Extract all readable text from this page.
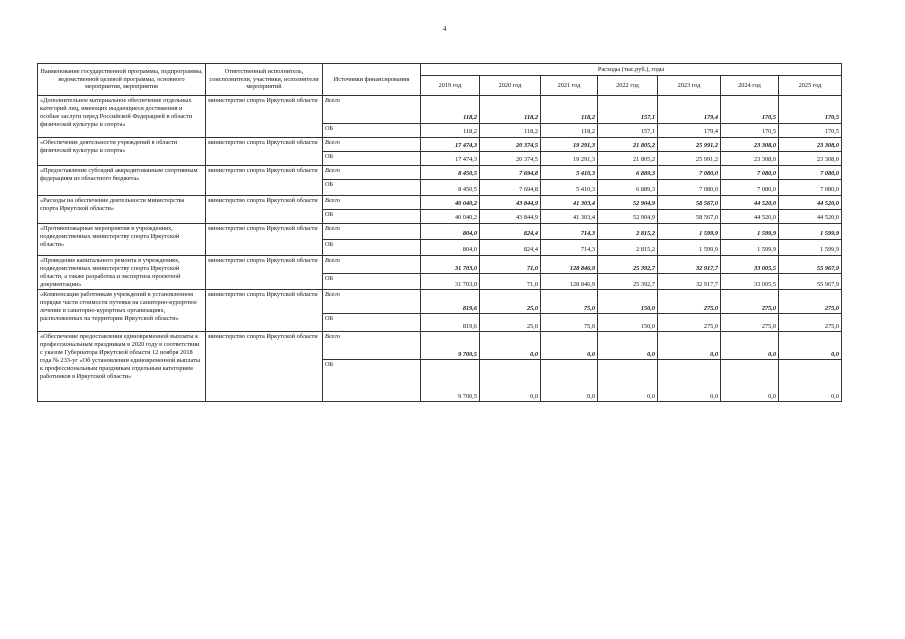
4
Наименование государственной программы, подпрограммы, ведомственной целевой программы, основного мероприятия, мероприятия	Ответственный исполнитель, соисполнители, участники, исполнители мероприятий	Источники финансирования	Расходы (тыс.руб.), годы						
			2019 год	2020 год	2021 год	2022 год	2023 год	2024 год	2025 год
«Дополнительное материальное обеспечение отдельных категорий лиц, имеющих выдающиеся достижения и особые заслуги перед Российской Федерацией в области физической культуры и спорта»	министерство спорта Иркутской области	Всего	118,2	118,2	118,2	157,1	179,4	170,5	170,5
		ОБ	118,2	118,2	118,2	157,1	179,4	170,5	170,5
«Обеспечение деятельности учреждений в области физической культуры и спорта»	министерство спорта Иркутской области	Всего	17 474,3	20 374,5	19 291,3	21 805,2	25 991,2	23 308,0	23 308,0
		ОБ	17 474,3	20 374,5	19 291,3	21 805,2	25 991,2	23 308,0	23 308,0
«Предоставление субсидий аккредитованным спортивным федерациям из областного бюджета»	министерство спорта Иркутской области	Всего	8 450,5	7 694,8	5 410,3	6 889,3	7 080,0	7 080,0	7 080,0
		ОБ	8 450,5	7 694,8	5 410,3	6 889,3	7 080,0	7 080,0	7 080,0
«Расходы на обеспечение деятельности министерства спорта Иркутской области»	министерство спорта Иркутской области	Всего	40 040,2	43 844,9	41 303,4	52 904,9	58 567,0	44 520,0	44 520,0
		ОБ	40 040,2	43 844,9	41 303,4	52 904,9	58 567,0	44 520,0	44 520,0
«Противопожарные мероприятия в учреждениях, подведомственных министерству спорта Иркутской области»	министерство спорта Иркутской области	Всего	804,0	824,4	714,3	2 815,2	1 599,9	1 599,9	1 599,9
		ОБ	804,0	824,4	714,3	2 815,2	1 599,9	1 599,9	1 599,9
«Проведение капитального ремонта в учреждениях, подведомственных министерству спорта Иркутской области, а также разработка и экспертиза проектной документации»	министерство спорта Иркутской области	Всего	31 703,0	71,0	128 846,9	25 392,7	32 917,7	33 005,5	55 967,9
		ОБ	31 703,0	71,0	128 846,9	25 392,7	32 917,7	33 005,5	55 967,9
«Компенсация работникам учреждений в установленном порядке части стоимости путевки на санаторно-курортное лечение в санаторно-курортных организациях, расположенных на территории Иркутской области»	министерство спорта Иркутской области	Всего	819,6	25,0	75,0	150,0	275,0	275,0	275,0
		ОБ	819,6	25,0	75,0	150,0	275,0	275,0	275,0
«Обеспечение предоставления единовременной выплаты к профессиональным праздникам в 2020 году в соответствии с указом Губернатора Иркутской области 12 ноября 2018 года № 233-уг «Об установлении единовременной выплаты к профессиональным праздникам отдельным категориям работников в Иркутской области»	министерство спорта Иркутской области	Всего	9 700,5	0,0	0,0	0,0	0,0	0,0	0,0
		ОБ	9 700,5	0,0	0,0	0,0	0,0	0,0	0,0
